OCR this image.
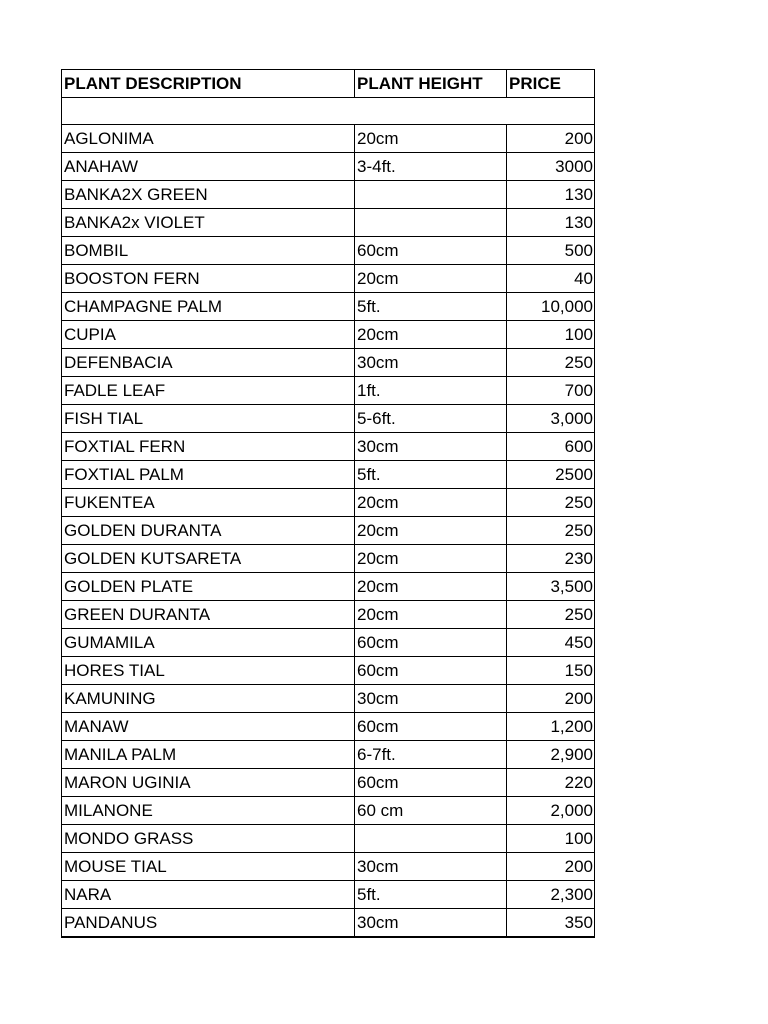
PLANT DESCRIPTION	PLANT HEIGHT	PRICE

AGLONIMA	20cm	200
ANAHAW	3-4ft.	3000
BANKA2X GREEN		130
BANKA2x VIOLET		130
BOMBIL	60cm	500
BOOSTON FERN	20cm	40
CHAMPAGNE PALM	5ft.	10,000
CUPIA	20cm	100
DEFENBACIA	30cm	250
FADLE LEAF	1ft.	700
FISH TIAL	5-6ft.	3,000
FOXTIAL FERN	30cm	600
FOXTIAL PALM	5ft.	2500
FUKENTEA	20cm	250
GOLDEN DURANTA	20cm	250
GOLDEN KUTSARETA	20cm	230
GOLDEN PLATE	20cm	3,500
GREEN DURANTA	20cm	250
GUMAMILA	60cm	450
HORES TIAL	60cm	150
KAMUNING	30cm	200
MANAW	60cm	1,200
MANILA PALM	6-7ft.	2,900
MARON UGINIA	60cm	220
MILANONE	60 cm	2,000
MONDO GRASS		100
MOUSE TIAL	30cm	200
NARA	5ft.	2,300
PANDANUS	30cm	350
